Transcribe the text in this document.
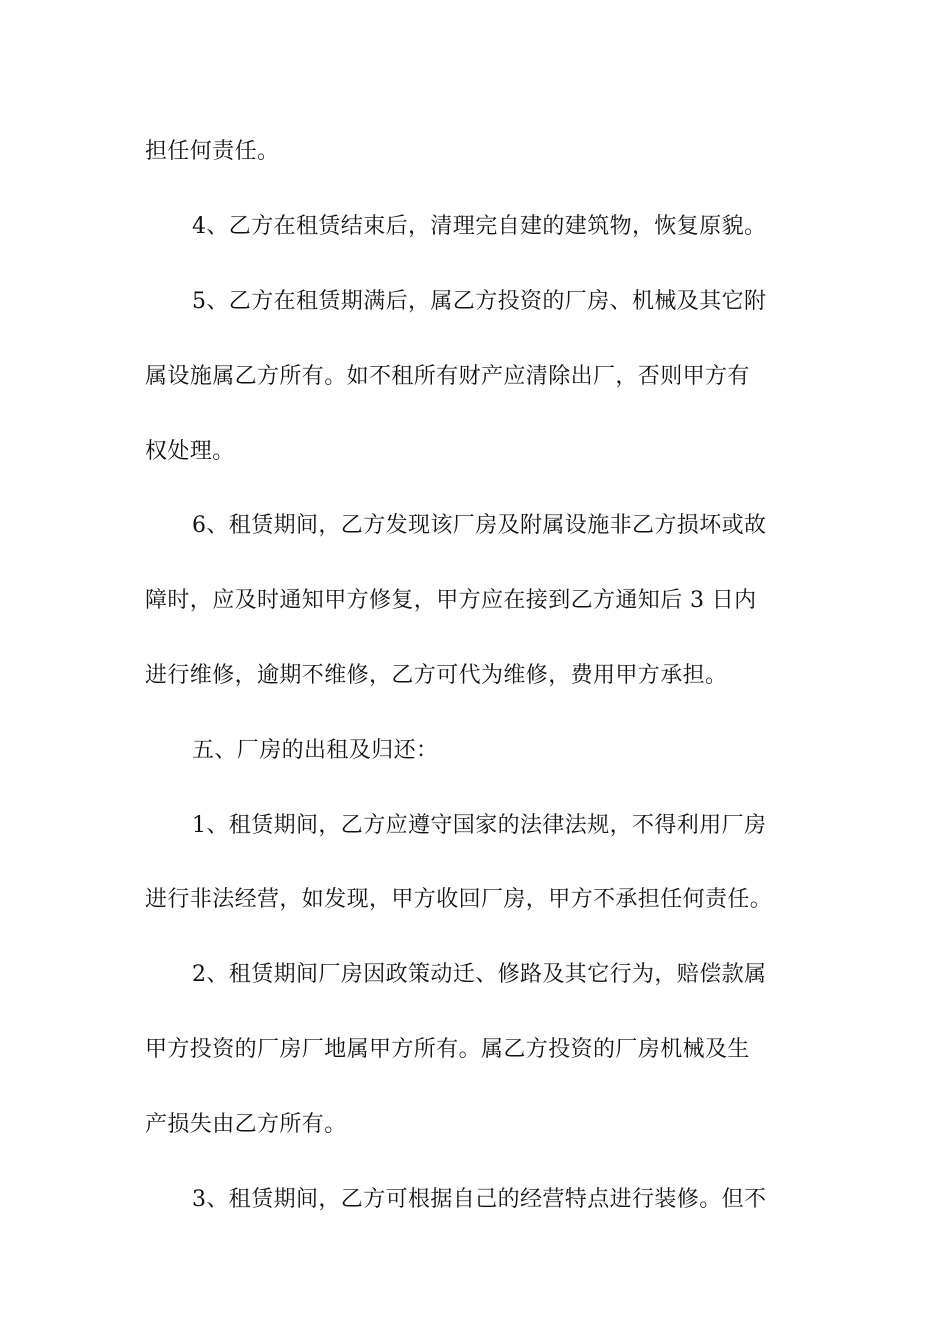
担任何责任。
4、乙方在租赁结束后，清理完自建的建筑物，恢复原貌。
5、乙方在租赁期满后，属乙方投资的厂房、机械及其它附
属设施属乙方所有。如不租所有财产应清除出厂，否则甲方有
权处理。
6、租赁期间，乙方发现该厂房及附属设施非乙方损坏或故
障时，应及时通知甲方修复，甲方应在接到乙方通知后 3 日内
进行维修，逾期不维修，乙方可代为维修，费用甲方承担。
五、厂房的出租及归还：
1、租赁期间，乙方应遵守国家的法律法规，不得利用厂房
进行非法经营，如发现，甲方收回厂房，甲方不承担任何责任。
2、租赁期间厂房因政策动迁、修路及其它行为，赔偿款属
甲方投资的厂房厂地属甲方所有。属乙方投资的厂房机械及生
产损失由乙方所有。
3、租赁期间，乙方可根据自己的经营特点进行装修。但不
